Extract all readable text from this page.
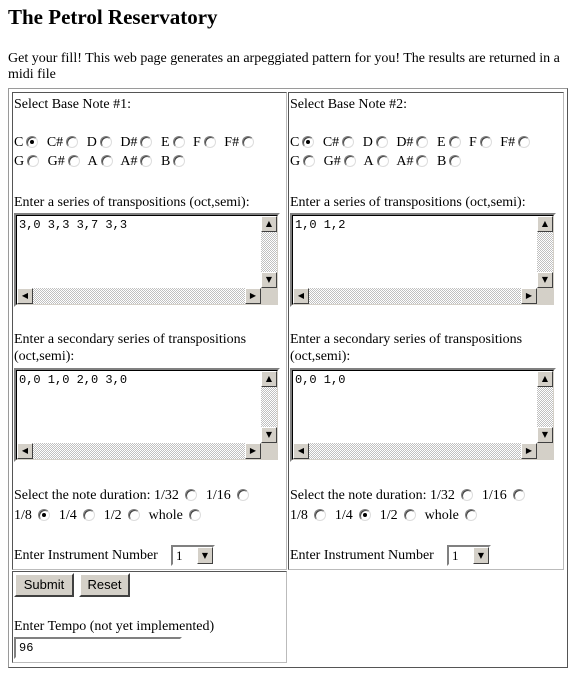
The Petrol Reservatory

Get your fill! This web page generates an arpeggiated pattern for you! The results are returned in a midi file

Select Base Note #1:
C C# D D# E F F# G G# A A# B
Enter a series of transpositions (oct,semi):
3,0 3,3 3,7 3,3	▲
▼
◀	▶
Enter a secondary series of transpositions (oct,semi):
0,0 1,0 2,0 3,0	▲
▼
◀	▶
Select the note duration: 1/32 1/16  1/8 1/4 1/2 whole
Enter Instrument Number 1	▼
Select Base Note #2:
C C# D D# E F F# G G# A A# B
Enter a series of transpositions (oct,semi):
1,0 1,2	▲
▼
◀	▶
Enter a secondary series of transpositions (oct,semi):
0,0 1,0	▲
▼
◀	▶
Select the note duration: 1/32 1/16  1/8 1/4 1/2 whole
Enter Instrument Number 1	▼
Submit	Reset
Enter Tempo (not yet implemented)
96
